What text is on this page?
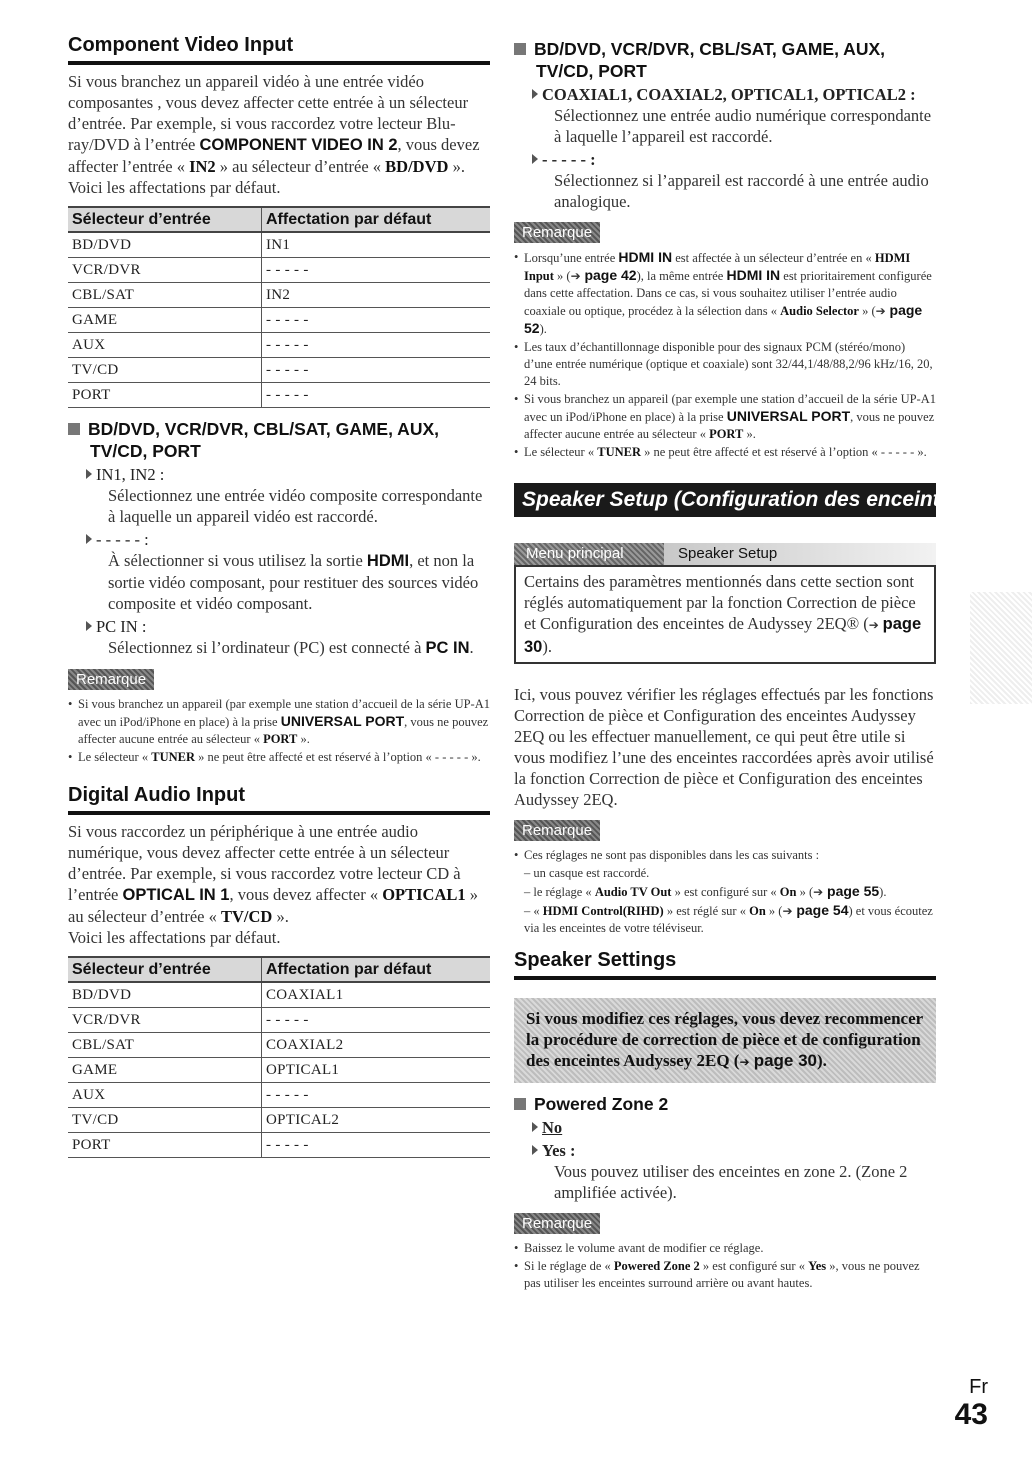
Component Video Input

Si vous branchez un appareil vidéo à une entrée vidéo composantes , vous devez affecter cette entrée à un sélecteur d’entrée. Par exemple, si vous raccordez votre lecteur Blu-ray/DVD à l’entrée COMPONENT VIDEO IN 2, vous devez affecter l’entrée « IN2 » au sélecteur d’entrée « BD/DVD ».
Voici les affectations par défaut.

Sélecteur d’entrée	Affectation par défaut
BD/DVD	IN1
VCR/DVR	- - - - -
CBL/SAT	IN2
GAME	- - - - -
AUX	- - - - -
TV/CD	- - - - -
PORT	- - - - -
BD/DVD, VCR/DVR, CBL/SAT, GAME, AUX, TV/CD, PORT
IN1, IN2 :
Sélectionnez une entrée vidéo composite correspondante à laquelle un appareil vidéo est raccordé.
- - - - - :
À sélectionner si vous utilisez la sortie HDMI, et non la sortie vidéo composant, pour restituer des sources vidéo composite et vidéo composant.
PC IN :
Sélectionnez si l’ordinateur (PC) est connecté à PC IN.
Remarque
• Si vous branchez un appareil (par exemple une station d’accueil de la série UP-A1 avec un iPod/iPhone en place) à la prise UNIVERSAL PORT, vous ne pouvez affecter aucune entrée au sélecteur « PORT ».
• Le sélecteur « TUNER » ne peut être affecté et est réservé à l’option « - - - - - ».
Digital Audio Input

Si vous raccordez un périphérique à une entrée audio numérique, vous devez affecter cette entrée à un sélecteur d’entrée. Par exemple, si vous raccordez votre lecteur CD à l’entrée OPTICAL IN 1, vous devez affecter « OPTICAL1 » au sélecteur d’entrée « TV/CD ».
Voici les affectations par défaut.

Sélecteur d’entrée	Affectation par défaut
BD/DVD	COAXIAL1
VCR/DVR	- - - - -
CBL/SAT	COAXIAL2
GAME	OPTICAL1
AUX	- - - - -
TV/CD	OPTICAL2
PORT	- - - - -
BD/DVD, VCR/DVR, CBL/SAT, GAME, AUX, TV/CD, PORT
COAXIAL1, COAXIAL2, OPTICAL1, OPTICAL2 :
Sélectionnez une entrée audio numérique correspondante à laquelle l’appareil est raccordé.
- - - - - :
Sélectionnez si l’appareil est raccordé à une entrée audio analogique.
Remarque
• Lorsqu’une entrée HDMI IN est affectée à un sélecteur d’entrée en « HDMI Input » (➔ page 42), la même entrée HDMI IN est prioritairement configurée dans cette affectation. Dans ce cas, si vous souhaitez utiliser l’entrée audio coaxiale ou optique, procédez à la sélection dans « Audio Selector » (➔ page 52).
• Les taux d’échantillonnage disponible pour des signaux PCM (stéréo/mono) d’une entrée numérique (optique et coaxiale) sont 32/44,1/48/88,2/96 kHz/16, 20, 24 bits.
• Si vous branchez un appareil (par exemple une station d’accueil de la série UP-A1 avec un iPod/iPhone en place) à la prise UNIVERSAL PORT, vous ne pouvez affecter aucune entrée au sélecteur « PORT ».
• Le sélecteur « TUNER » ne peut être affecté et est réservé à l’option « - - - - - ».
Speaker Setup (Configuration des enceintes)
Menu principal	Speaker Setup
Certains des paramètres mentionnés dans cette section sont réglés automatiquement par la fonction Correction de pièce et Configuration des enceintes de Audyssey 2EQ® (➔ page 30).

Ici, vous pouvez vérifier les réglages effectués par les fonctions Correction de pièce et Configuration des enceintes Audyssey 2EQ ou les effectuer manuellement, ce qui peut être utile si vous modifiez l’une des enceintes raccordées après avoir utilisé la fonction Correction de pièce et Configuration des enceintes Audyssey 2EQ.

Remarque
• Ces réglages ne sont pas disponibles dans les cas suivants :
– un casque est raccordé.
– le réglage « Audio TV Out » est configuré sur « On » (➔ page 55).
– « HDMI Control(RIHD) » est réglé sur « On » (➔ page 54) et vous écoutez via les enceintes de votre téléviseur.
Speaker Settings
Si vous modifiez ces réglages, vous devez recommencer la procédure de correction de pièce et de configuration des enceintes Audyssey 2EQ (➔ page 30).
Powered Zone 2
No
Yes :
Vous pouvez utiliser des enceintes en zone 2. (Zone 2 amplifiée activée).
Remarque
• Baissez le volume avant de modifier ce réglage.
• Si le réglage de « Powered Zone 2 » est configuré sur « Yes », vous ne pouvez pas utiliser les enceintes surround arrière ou avant hautes.
Fr
43
